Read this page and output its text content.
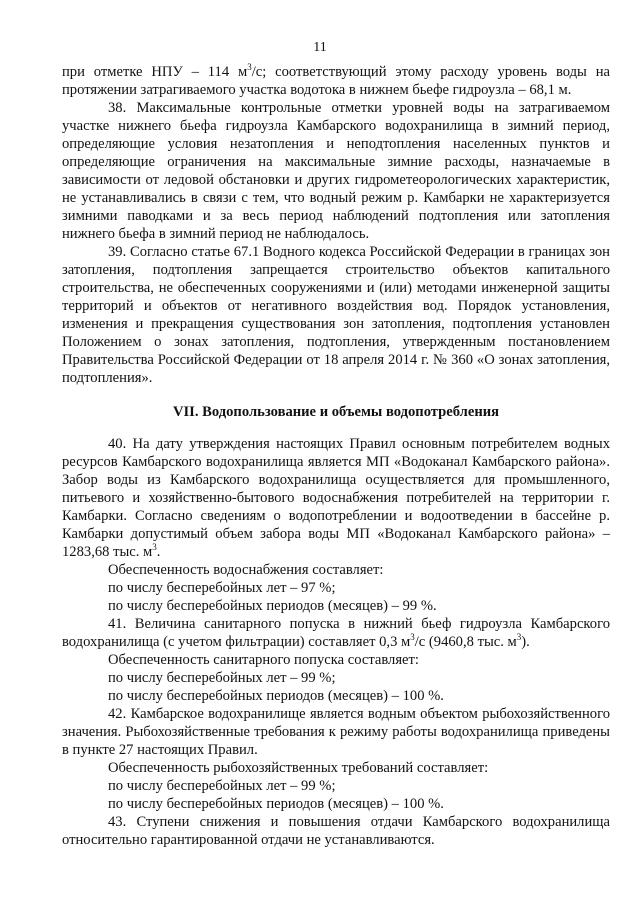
11

при отметке НПУ – 114 $м^3/с$; соответствующий этому расходу уровень воды на протяжении затрагиваемого участка водотока в нижнем бьефе гидроузла – 68,1 м.

38. Максимальные контрольные отметки уровней воды на затрагиваемом участке нижнего бьефа гидроузла Камбарского водохранилища в зимний период, определяющие условия незатопления и неподтопления населенных пунктов и определяющие ограничения на максимальные зимние расходы, назначаемые в зависимости от ледовой обстановки и других гидрометеорологических характеристик, не устанавливались в связи с тем, что водный режим р. Камбарки не характеризуется зимними паводками и за весь период наблюдений подтопления или затопления нижнего бьефа в зимний период не наблюдалось.

39. Согласно статье 67.1 Водного кодекса Российской Федерации в границах зон затопления, подтопления запрещается строительство объектов капитального строительства, не обеспеченных сооружениями и (или) методами инженерной защиты территорий и объектов от негативного воздействия вод. Порядок установления, изменения и прекращения существования зон затопления, подтопления установлен Положением о зонах затопления, подтопления, утвержденным постановлением Правительства Российской Федерации от 18 апреля 2014 г. № 360 «О зонах затопления, подтопления».

VII. Водопользование и объемы водопотребления

40. На дату утверждения настоящих Правил основным потребителем водных ресурсов Камбарского водохранилища является МП «Водоканал Камбарского района». Забор воды из Камбарского водохранилища осуществляется для промышленного, питьевого и хозяйственно-бытового водоснабжения потребителей на территории г. Камбарки. Согласно сведениям о водопотреблении и водоотведении в бассейне р. Камбарки допустимый объем забора воды МП «Водоканал Камбарского района» – 1283,68 тыс. $м^3$.

Обеспеченность водоснабжения составляет:

по числу бесперебойных лет – 97 %;

по числу бесперебойных периодов (месяцев) – 99 %.

41. Величина санитарного попуска в нижний бьеф гидроузла Камбарского водохранилища (с учетом фильтрации) составляет 0,3 $м^3/с$ (9460,8 тыс. $м^3$).

Обеспеченность санитарного попуска составляет:

по числу бесперебойных лет – 99 %;

по числу бесперебойных периодов (месяцев) – 100 %.

42. Камбарское водохранилище является водным объектом рыбохозяйственного значения. Рыбохозяйственные требования к режиму работы водохранилища приведены в пункте 27 настоящих Правил.

Обеспеченность рыбохозяйственных требований составляет:

по числу бесперебойных лет – 99 %;

по числу бесперебойных периодов (месяцев) – 100 %.

43. Ступени снижения и повышения отдачи Камбарского водохранилища относительно гарантированной отдачи не устанавливаются.
